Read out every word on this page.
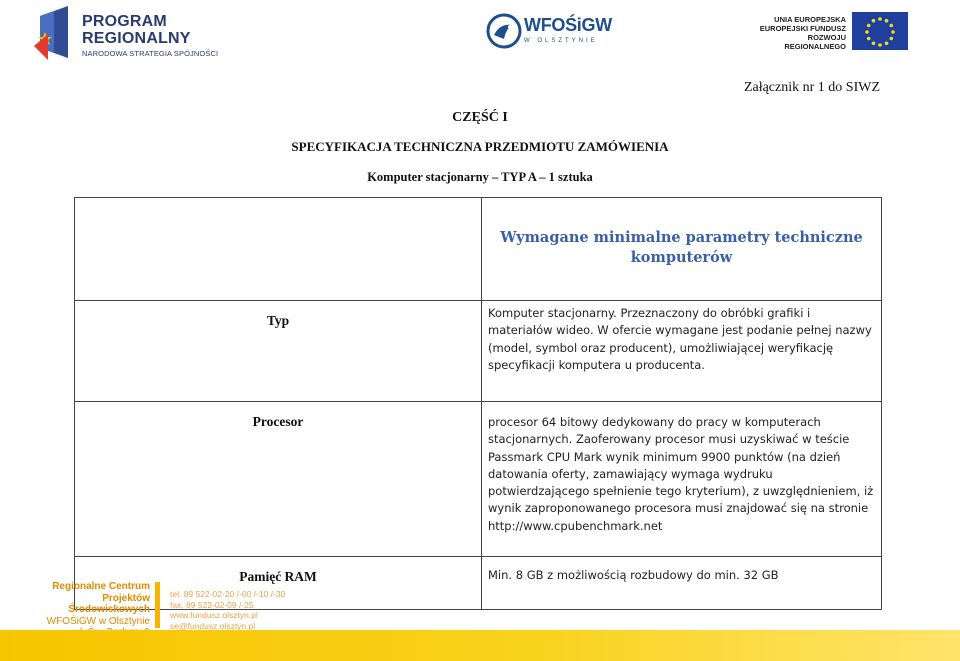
PROGRAM
REGIONALNY
NARODOWA STRATEGIA SPÓJNOŚCI
WFOŚiGW
W OLSZTYNIE
UNIA EUROPEJSKA
EUROPEJSKI FUNDUSZ
ROZWOJU REGIONALNEGO
Załącznik nr 1 do SIWZ
CZĘŚĆ I
SPECYFIKACJA TECHNICZNA PRZEDMIOTU ZAMÓWIENIA
Komputer stacjonarny – TYP A – 1 sztuka
	Wymagane minimalne parametry techniczne komputerów
Typ	Komputer stacjonarny. Przeznaczony do obróbki grafiki i materiałów wideo. W ofercie wymagane jest podanie pełnej nazwy (model, symbol oraz producent), umożliwiającej weryfikację specyfikacji komputera u producenta.
Procesor	procesor 64 bitowy dedykowany do pracy w komputerach stacjonarnych. Zaoferowany procesor musi uzyskiwać w teście Passmark CPU Mark wynik minimum 9900 punktów (na dzień datowania oferty, zamawiający wymaga wydruku potwierdzającego spełnienie tego kryterium), z uwzględnieniem, iż wynik zaproponowanego procesora musi znajdować się na stronie http://www.cpubenchmark.net
Pamięć RAM	Min. 8 GB z możliwością rozbudowy do min. 32 GB
Regionalne Centrum
Projektów Środowiskowych
WFOŚiGW w Olsztynie
tel. 89 522-02-20 /-00 /-10 /-30
fax. 89 522-02-09 /-25
www.fundusz.olsztyn.pl
se@fundusz.olsztyn.pl
